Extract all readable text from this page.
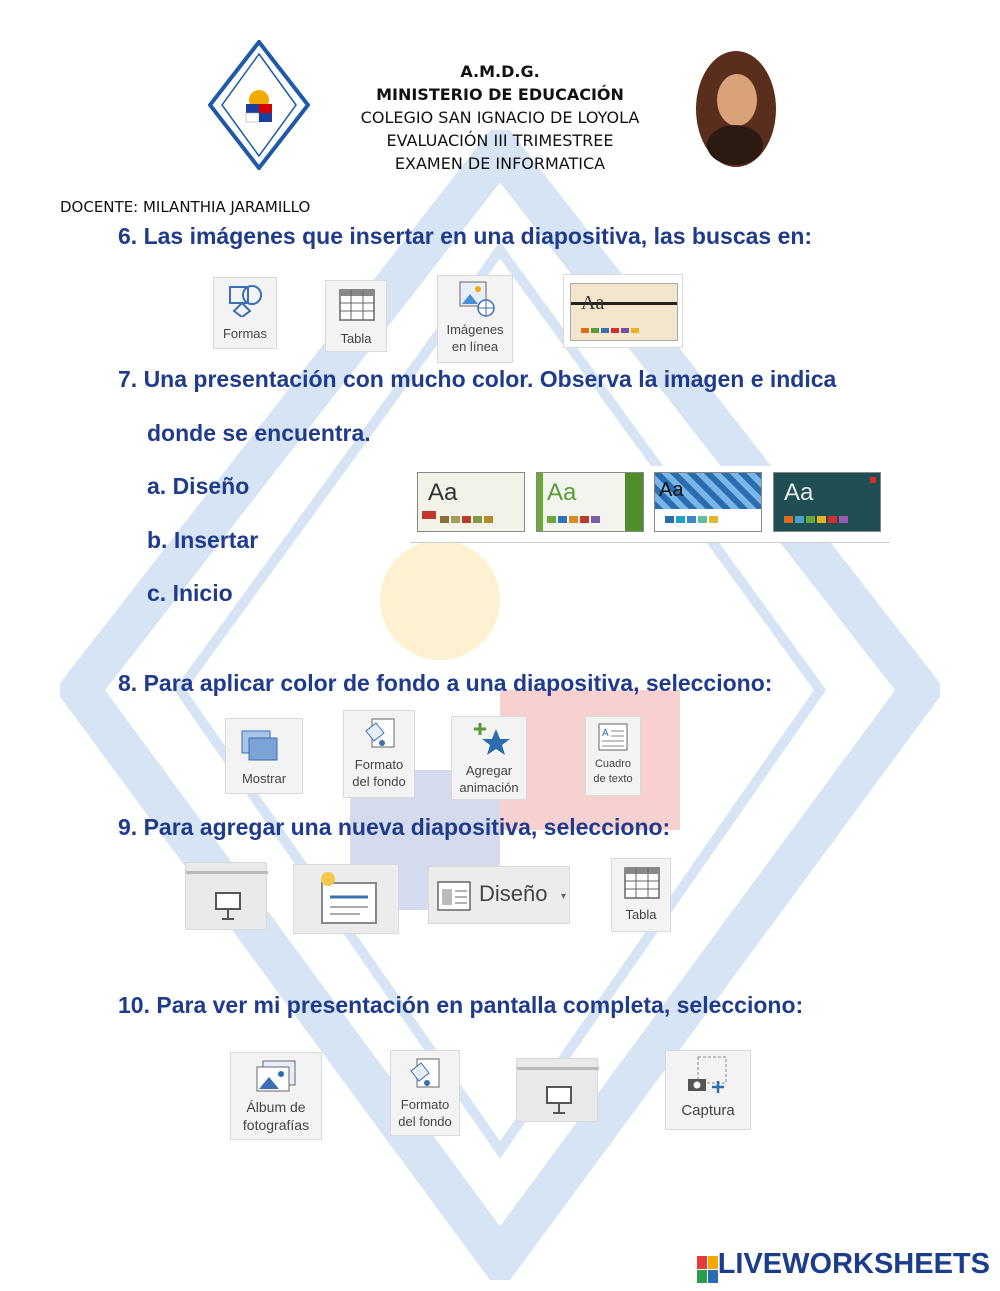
A.M.D.G.
MINISTERIO DE EDUCACIÓN
COLEGIO SAN IGNACIO DE LOYOLA
EVALUACIÓN III TRIMESTREE
EXAMEN DE INFORMATICA
DOCENTE: MILANTHIA JARAMILLO
6. Las imágenes que insertar en una diapositiva, las buscas en:
Formas	Tabla
Imágenes
en línea
Aa
7. Una presentación con mucho color. Observa la imagen e indica
donde se encuentra.
a. Diseño
b. Insertar
c. Inicio
Aa	Aa	Aa	Aa
8. Para aplicar color de fondo a una diapositiva, selecciono:
Mostrar
Formato
del fondo
Agregar
animación
A
Cuadro
de texto
9. Para agregar una nueva diapositiva, selecciono:
Diseño ▾
Tabla
10. Para ver mi presentación en pantalla completa, selecciono:
Álbum de
fotografías
Formato
del fondo
Captura
LIVEWORKSHEETS
